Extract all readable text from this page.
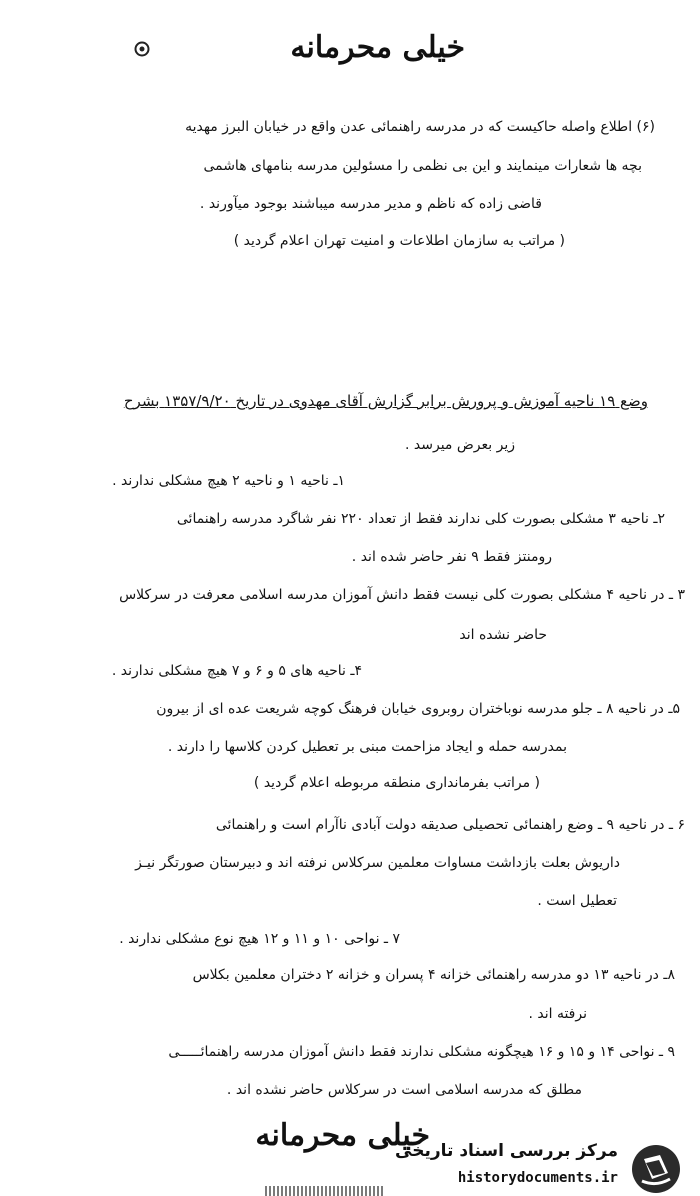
خیلی محرمانه
(۶) اطلاع واصله حاکیست که در مدرسه راهنمائی عدن واقع در خیابان البرز مهدیه
بچه ها شعارات مینمایند و این بی نظمی را مسئولین مدرسه بنامهای هاشمی
قاضی زاده که ناظم و مدیر مدرسه میباشند بوجود میآورند .
( مراتب به سازمان اطلاعات و امنیت تهران اعلام گردید )
وضع ۱۹ ناحیه آموزش و پرورش برابر گزارش آقای مهدوی در تاریخ ۱۳۵۷/۹/۲۰ بشرح
زیر بعرض میرسد .
۱ـ ناحیه ۱ و ناحیه ۲ هیچ مشکلی ندارند .
۲ـ ناحیه ۳ مشکلی بصورت کلی ندارند فقط از تعداد ۲۲۰ نفر شاگرد مدرسه راهنمائی
رومنتز فقط ۹ نفر حاضر شده اند .
۳ ـ در ناحیه ۴ مشکلی بصورت کلی نیست فقط دانش آموزان مدرسه اسلامی معرفت در سرکلاس
حاضر نشده اند
۴ـ ناحیه های ۵ و ۶ و ۷ هیچ مشکلی ندارند .
۵ـ در ناحیه ۸ ـ جلو مدرسه نوباختران روبروی خیابان فرهنگ کوچه شریعت عده ای از بیرون
بمدرسه حمله و ایجاد مزاحمت مبنی بر تعطیل کردن کلاسها را دارند .
( مراتب بفرمانداری منطقه مربوطه اعلام گردید )
۶ ـ در ناحیه ۹ ـ وضع راهنمائی تحصیلی صدیقه دولت آبادی ناآرام است و راهنمائی
داریوش بعلت بازداشت مساوات معلمین سرکلاس نرفته اند و دبیرستان صورتگر نیـز
تعطیل است .
۷ ـ نواحی ۱۰ و ۱۱ و ۱۲ هیچ نوع مشکلی ندارند .
۸ـ در ناحیه ۱۳ دو مدرسه راهنمائی خزانه ۴ پسران و خزانه ۲ دختران معلمین بکلاس
نرفته اند .
۹ ـ نواحی ۱۴ و ۱۵ و ۱۶ هیچگونه مشکلی ندارند فقط دانش آموزان مدرسه راهنمائـــــی
مطلق که مدرسه اسلامی است در سرکلاس حاضر نشده اند .
خیلی محرمانه
مرکز بررسی اسناد تاریخی
historydocuments.ir
